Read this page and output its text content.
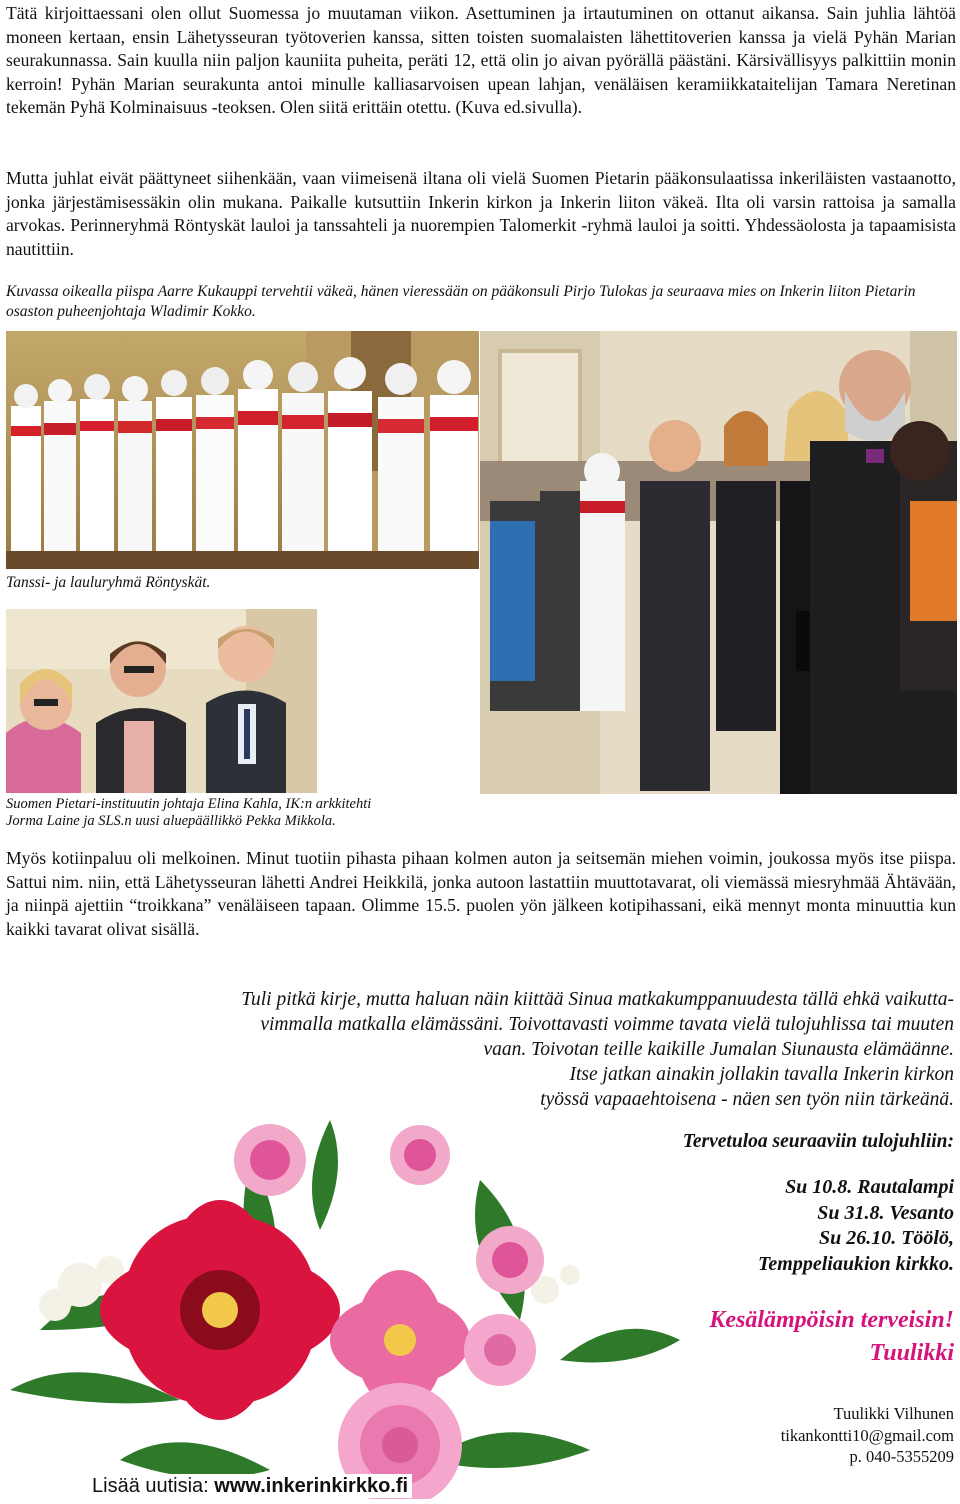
Tätä kirjoittaessani olen ollut Suomessa jo muutaman viikon. Asettuminen ja irtautuminen on ottanut aikansa. Sain juhlia lähtöä moneen kertaan, ensin Lähetysseuran työtoverien kanssa, sitten toisten suomalaisten lähettitoverien kanssa ja vielä Pyhän Marian seurakunnassa. Sain kuulla niin paljon kauniita puheita, peräti 12, että olin jo aivan pyörällä päästäni. Kärsivällisyys palkittiin monin kerroin! Pyhän Marian seurakunta antoi minulle kalliasarvoisen upean lahjan, venäläisen keramiikkataitelijan Tamara Neretinan tekemän Pyhä Kolminaisuus -teoksen. Olen siitä erittäin otettu. (Kuva ed.sivulla).

Mutta juhlat eivät päättyneet siihenkään, vaan viimeisenä iltana oli vielä Suomen Pietarin pääkonsulaatissa inkeriläisten vastaanotto, jonka järjestämisessäkin olin mukana. Paikalle kutsuttiin Inkerin kirkon ja Inkerin liiton väkeä. Ilta oli varsin rattoisa ja samalla arvokas. Perinneryhmä Röntyskät lauloi ja tanssahteli ja nuorempien Talomerkit -ryhmä lauloi ja soitti. Yhdessäolosta ja tapaamisista nautittiin.

Kuvassa oikealla piispa Aarre Kukauppi tervehtii väkeä, hänen vieressään on pääkonsuli Pirjo Tulokas ja seuraava mies on Inkerin liiton Pietarin osaston puheenjohtaja Wladimir Kokko.

Tanssi- ja lauluryhmä Röntyskät.

Suomen Pietari-instituutin johtaja Elina Kahla, IK:n arkkitehti
Jorma Laine ja SLS.n uusi aluepäällikkö Pekka Mikkola.

Myös kotiinpaluu oli melkoinen. Minut tuotiin pihasta pihaan kolmen auton ja seitsemän miehen voimin, joukossa myös itse piispa. Sattui nim. niin, että Lähetysseuran lähetti Andrei Heikkilä, jonka autoon lastattiin muuttotavarat, oli viemässä miesryhmää Ähtävään, ja niinpä ajettiin “troikkana” venäläiseen tapaan. Olimme 15.5. puolen yön jälkeen kotipihassani, eikä mennyt monta minuuttia kun kaikki tavarat olivat sisällä.

Tuli pitkä kirje, mutta haluan näin kiittää Sinua matkakumppanuudesta tällä ehkä vaikutta-

vimmalla matkalla elämässäni. Toivottavasti voimme tavata vielä tulojuhlissa tai muuten

vaan. Toivotan teille kaikille Jumalan Siunausta elämäänne.

Itse jatkan ainakin jollakin tavalla Inkerin kirkon

työssä vapaaehtoisena - näen sen työn niin tärkeänä.

Tervetuloa seuraaviin tulojuhliin:

Su 10.8. Rautalampi
Su 31.8. Vesanto
Su 26.10. Töölö,
Temppeliaukion kirkko.
Kesälämpöisin terveisin!
Tuulikki
Tuulikki Vilhunen
tikankontti10@gmail.com
p. 040-5355209
Lisää uutisia: www.inkerinkirkko.fi
